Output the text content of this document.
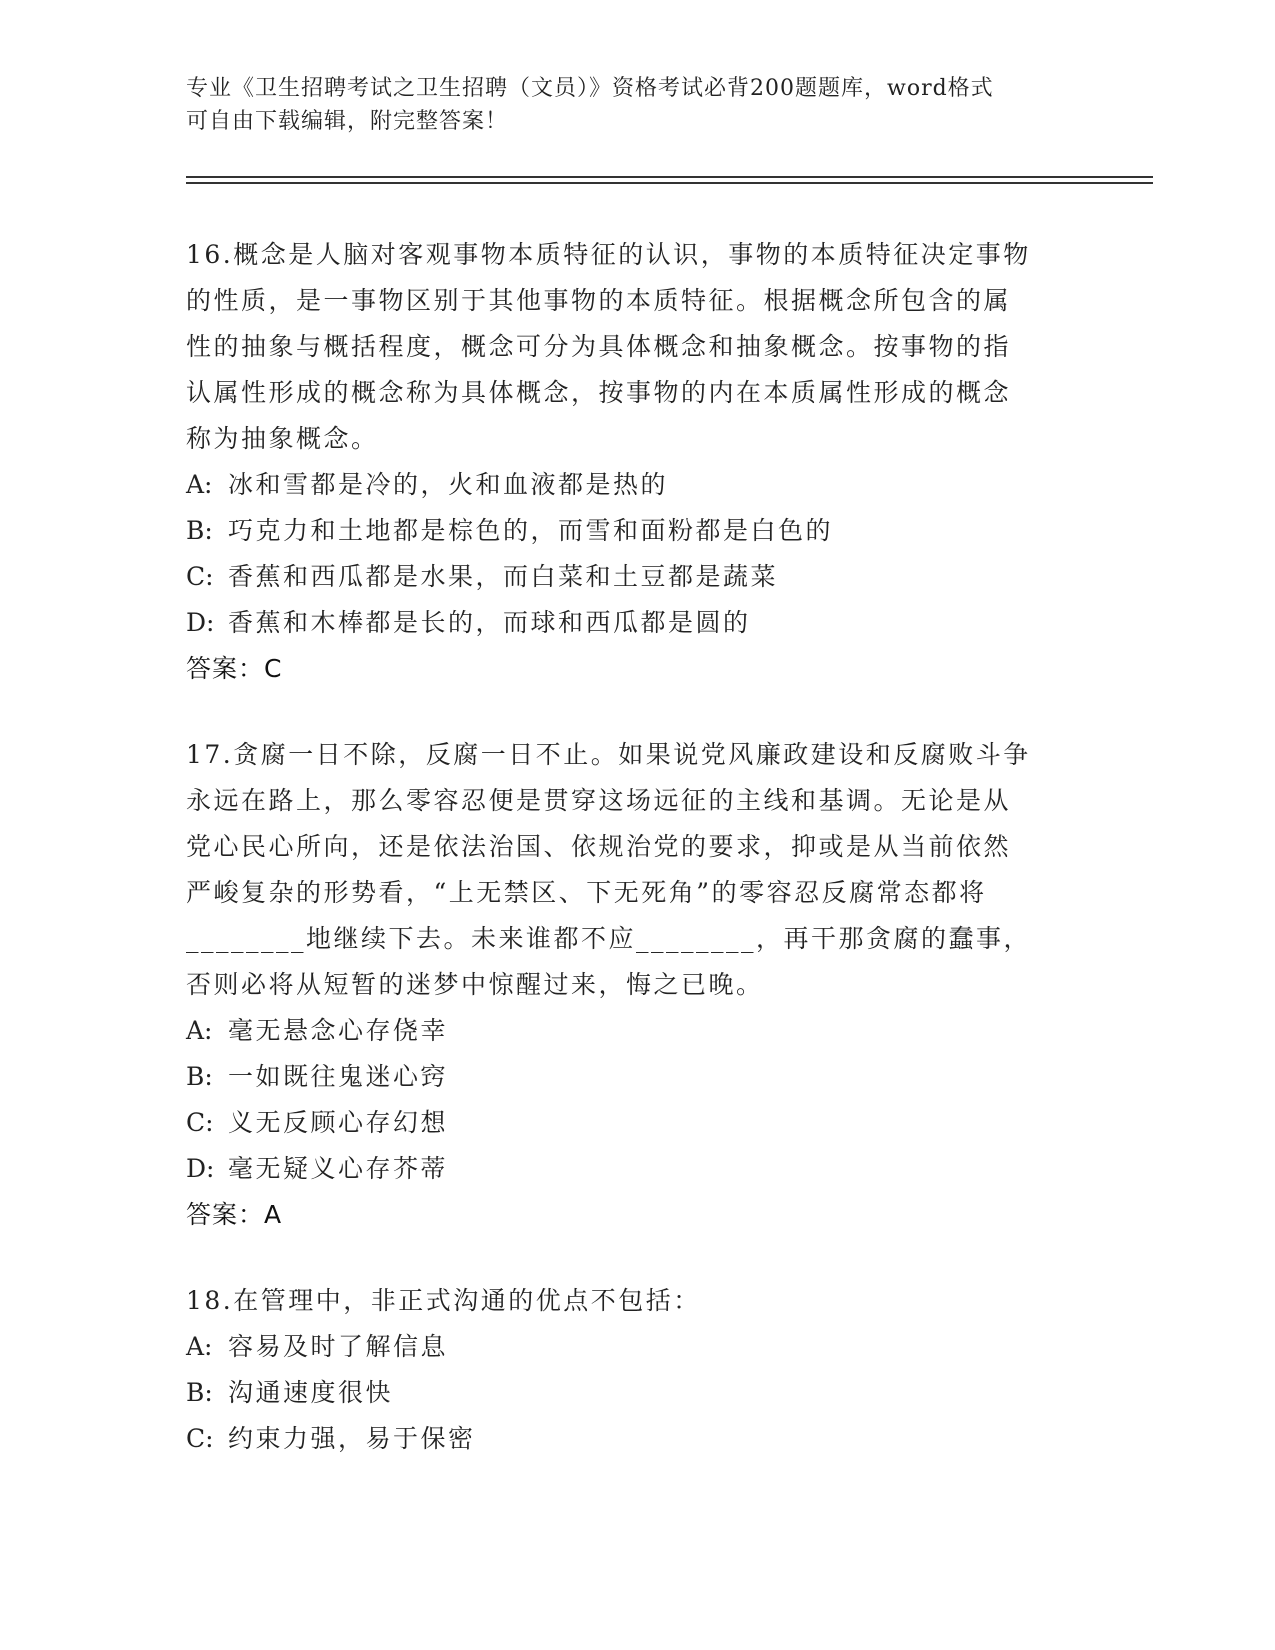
专业《卫生招聘考试之卫生招聘（文员）》资格考试必背200题题库，word格式
可自由下载编辑，附完整答案！
16.概念是人脑对客观事物本质特征的认识，事物的本质特征决定事物
的性质，是一事物区别于其他事物的本质特征。根据概念所包含的属
性的抽象与概括程度，概念可分为具体概念和抽象概念。按事物的指
认属性形成的概念称为具体概念，按事物的内在本质属性形成的概念
称为抽象概念。
A: 冰和雪都是冷的，火和血液都是热的
B: 巧克力和土地都是棕色的，而雪和面粉都是白色的
C: 香蕉和西瓜都是水果，而白菜和土豆都是蔬菜
D: 香蕉和木棒都是长的，而球和西瓜都是圆的
答案：C
17.贪腐一日不除，反腐一日不止。如果说党风廉政建设和反腐败斗争
永远在路上，那么零容忍便是贯穿这场远征的主线和基调。无论是从
党心民心所向，还是依法治国、依规治党的要求，抑或是从当前依然
严峻复杂的形势看，“上无禁区、下无死角”的零容忍反腐常态都将
________地继续下去。未来谁都不应________，再干那贪腐的蠢事，
否则必将从短暂的迷梦中惊醒过来，悔之已晚。
A: 毫无悬念心存侥幸
B: 一如既往鬼迷心窍
C: 义无反顾心存幻想
D: 毫无疑义心存芥蒂
答案：A
18.在管理中，非正式沟通的优点不包括：
A: 容易及时了解信息
B: 沟通速度很快
C: 约束力强，易于保密
